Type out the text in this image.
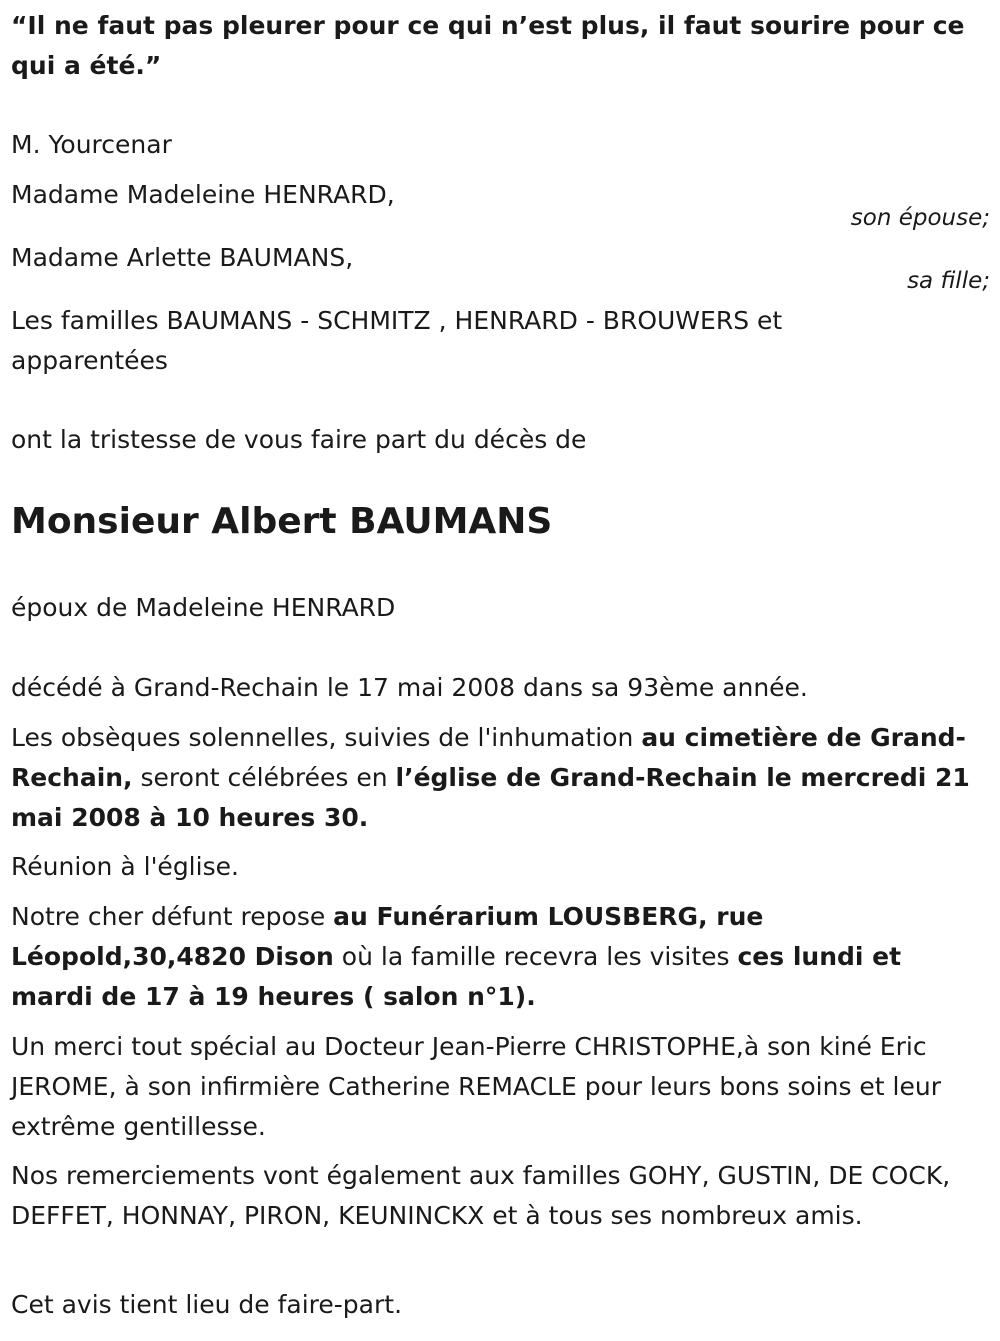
“Il ne faut pas pleurer pour ce qui n’est plus, il faut sourire pour ce qui a été.”
M. Yourcenar
Madame Madeleine HENRARD,
son épouse;
Madame Arlette BAUMANS,
sa fille;
Les familles BAUMANS - SCHMITZ , HENRARD - BROUWERS et apparentées
ont la tristesse de vous faire part du décès de
Monsieur Albert BAUMANS
époux de Madeleine HENRARD
décédé à Grand-Rechain le 17 mai 2008 dans sa 93ème année.
Les obsèques solennelles, suivies de l'inhumation au cimetière de Grand-Rechain, seront célébrées en l’église de Grand-Rechain le mercredi 21 mai 2008 à 10 heures 30.
Réunion à l'église.
Notre cher défunt repose au Funérarium LOUSBERG, rue Léopold,30,4820 Dison où la famille recevra les visites ces lundi et mardi de 17 à 19 heures ( salon n°1).
Un merci tout spécial au Docteur Jean-Pierre CHRISTOPHE,à son kiné Eric JEROME, à son infirmière Catherine REMACLE pour leurs bons soins et leur extrême gentillesse.
Nos remerciements vont également aux familles GOHY, GUSTIN, DE COCK, DEFFET, HONNAY, PIRON, KEUNINCKX et à tous ses nombreux amis.
Cet avis tient lieu de faire-part.
